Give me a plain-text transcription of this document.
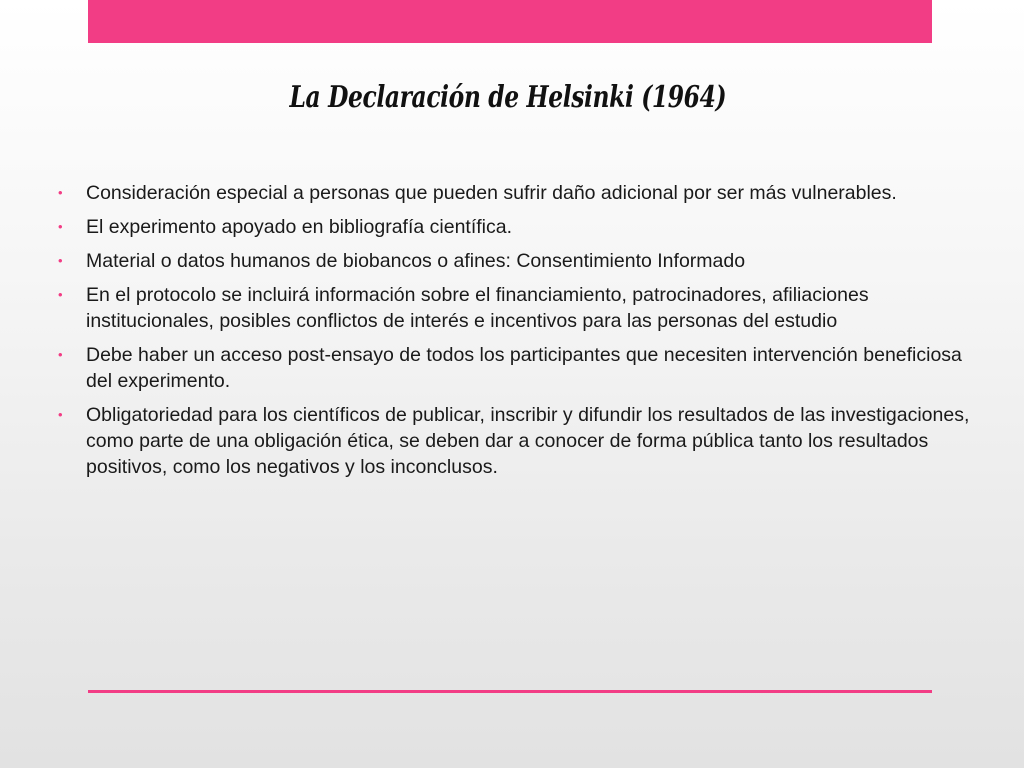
La Declaración de Helsinki (1964)
• Consideración especial a personas que pueden sufrir daño adicional por ser más vulnerables.
• El experimento apoyado en bibliografía científica.
• Material o datos humanos de biobancos o afines: Consentimiento Informado
• En el protocolo se incluirá información sobre el financiamiento, patrocinadores, afiliaciones institucionales, posibles conflictos de interés e incentivos para las personas del estudio
• Debe haber un acceso post-ensayo de todos los participantes que necesiten intervención beneficiosa del experimento.
• Obligatoriedad para los científicos de publicar, inscribir y difundir los resultados de las investigaciones, como parte de una obligación ética, se deben dar a conocer de forma pública tanto los resultados positivos, como los negativos y los inconclusos.
